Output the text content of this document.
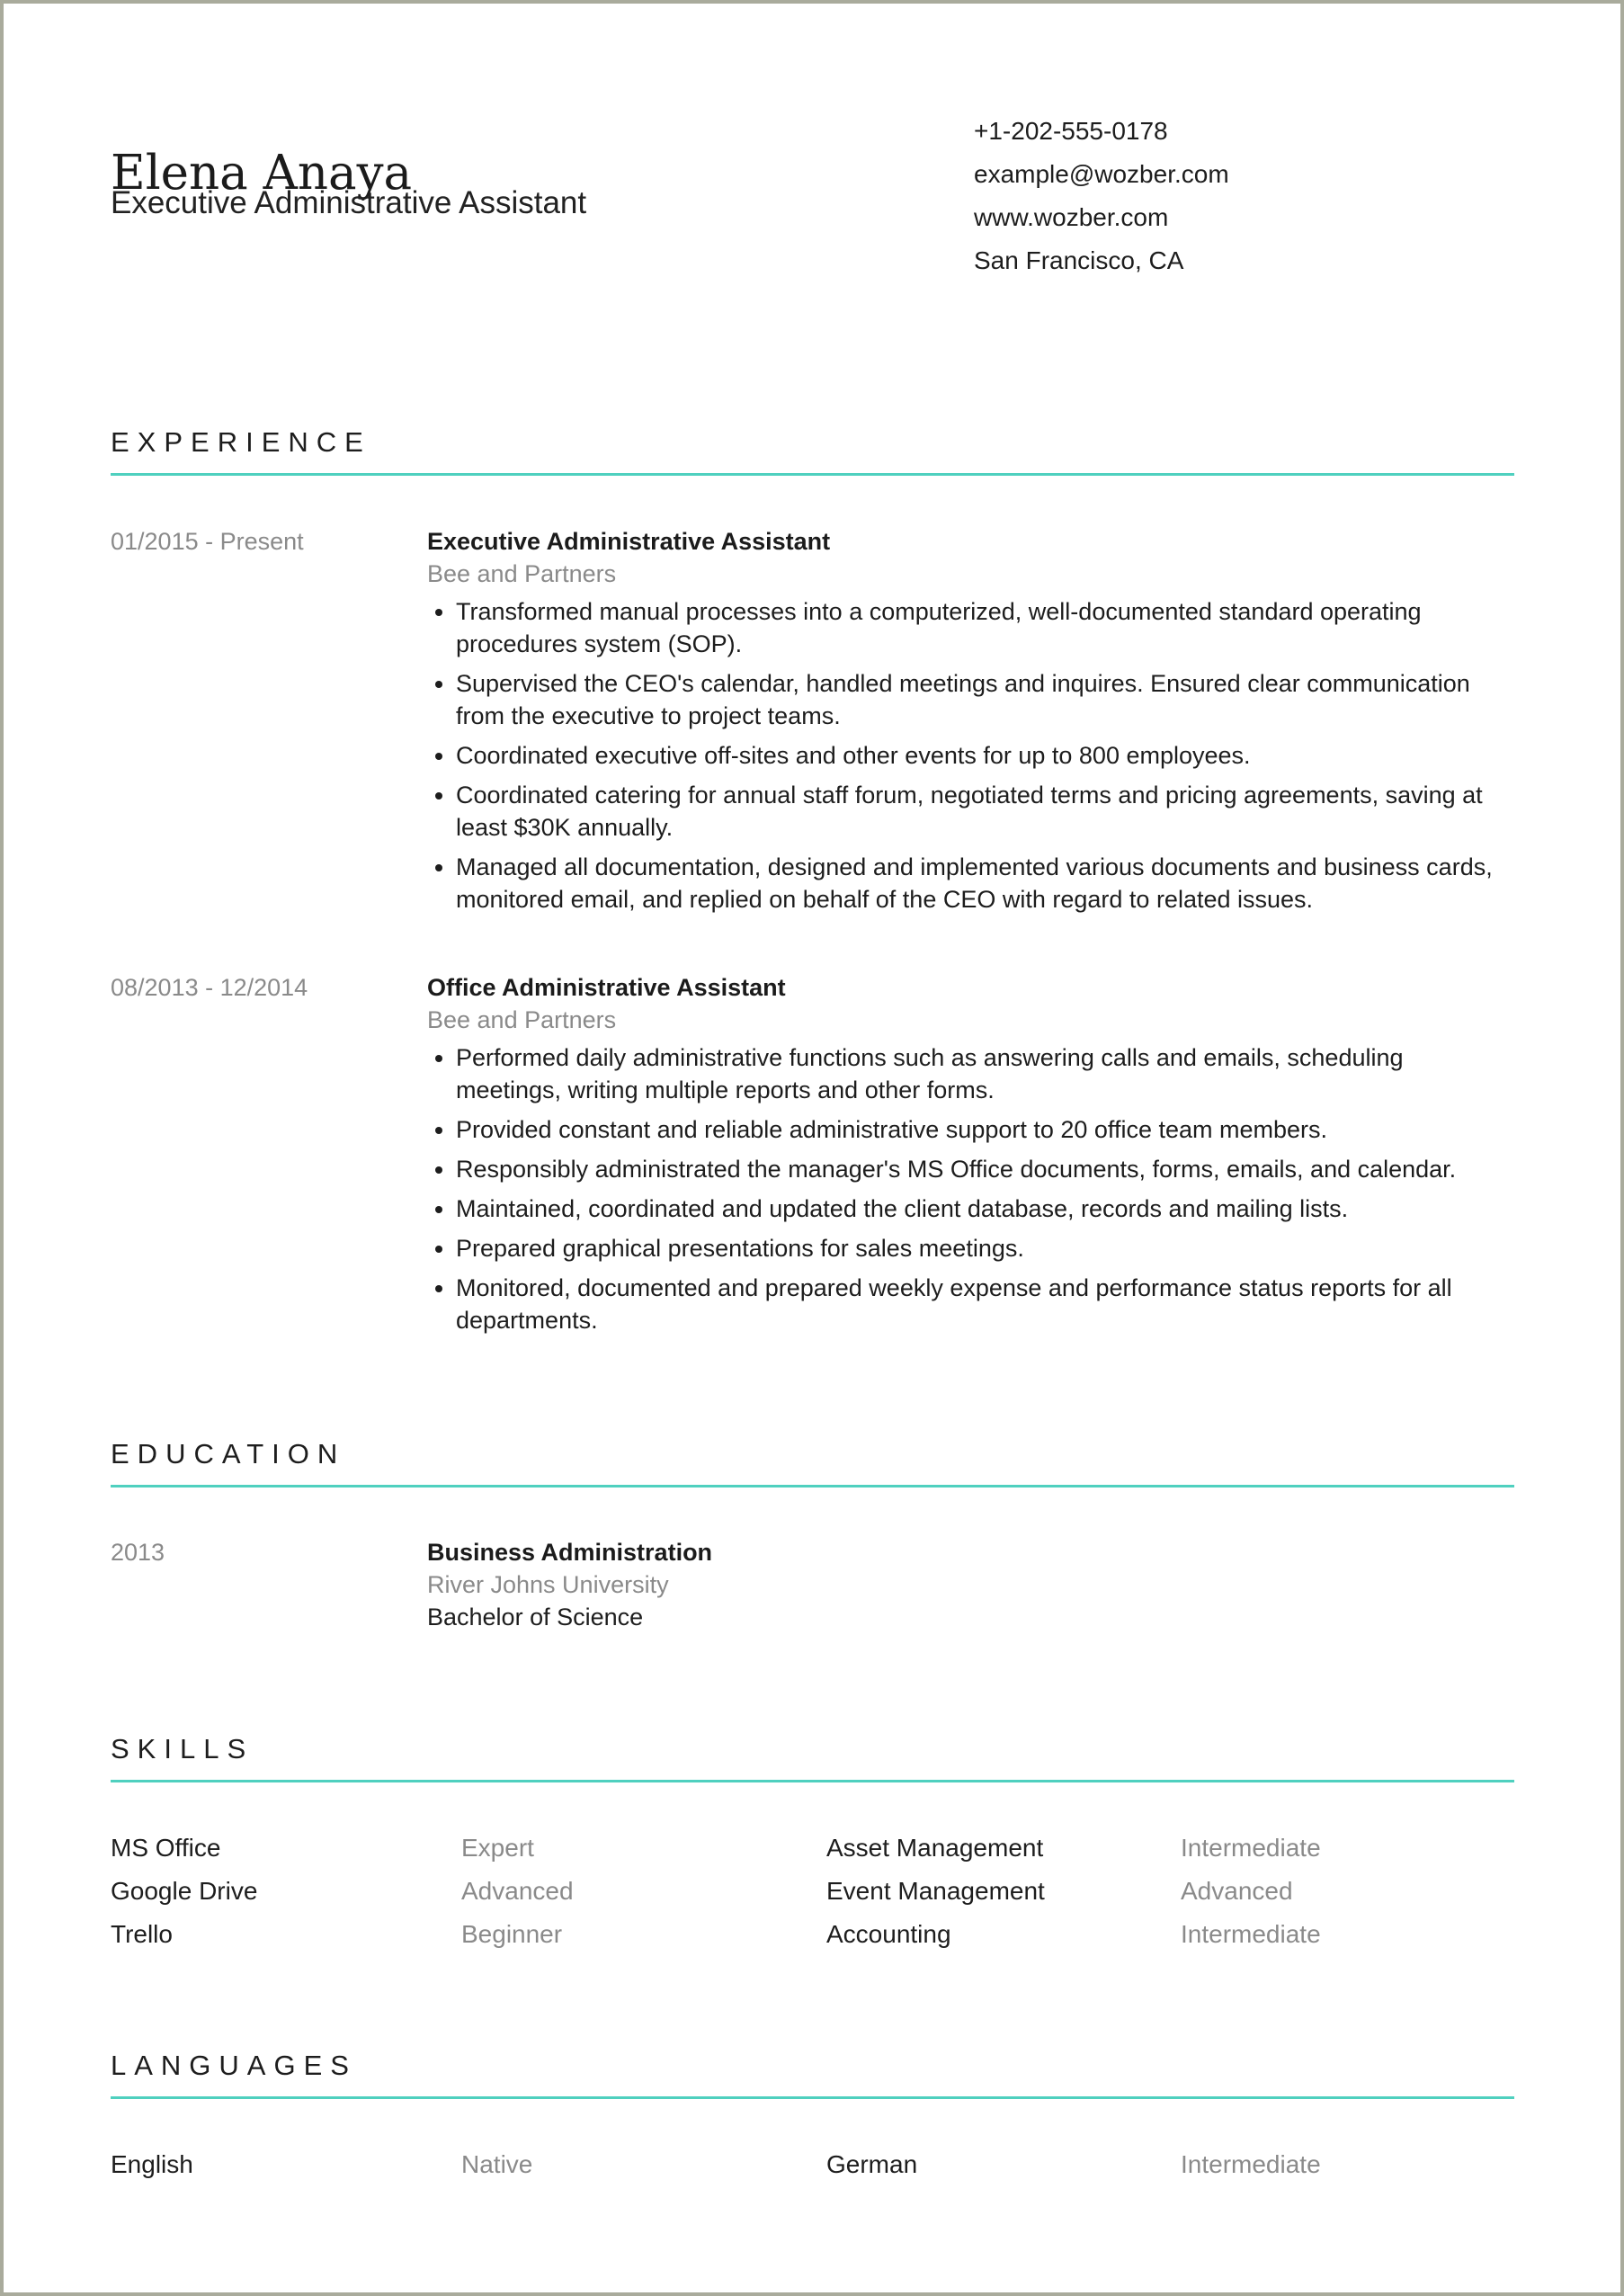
Elena Anaya
Executive Administrative Assistant
+1-202-555-0178
example@wozber.com
www.wozber.com
San Francisco, CA
EXPERIENCE
01/2015 - Present	Executive Administrative Assistant
Bee and Partners
• Transformed manual processes into a computerized, well-documented standard operating procedures system (SOP).
• Supervised the CEO's calendar, handled meetings and inquires. Ensured clear communication from the executive to project teams.
• Coordinated executive off-sites and other events for up to 800 employees.
• Coordinated catering for annual staff forum, negotiated terms and pricing agreements, saving at least $30K annually.
• Managed all documentation, designed and implemented various documents and business cards, monitored email, and replied on behalf of the CEO with regard to related issues.
08/2013 - 12/2014	Office Administrative Assistant
Bee and Partners
• Performed daily administrative functions such as answering calls and emails, scheduling meetings, writing multiple reports and other forms.
• Provided constant and reliable administrative support to 20 office team members.
• Responsibly administrated the manager's MS Office documents, forms, emails, and calendar.
• Maintained, coordinated and updated the client database, records and mailing lists.
• Prepared graphical presentations for sales meetings.
• Monitored, documented and prepared weekly expense and performance status reports for all departments.
EDUCATION
2013	Business Administration
River Johns University
Bachelor of Science
SKILLS
MS Office	Expert	Asset Management	Intermediate
Google Drive	Advanced	Event Management	Advanced
Trello	Beginner	Accounting	Intermediate
LANGUAGES
English	Native	German	Intermediate
